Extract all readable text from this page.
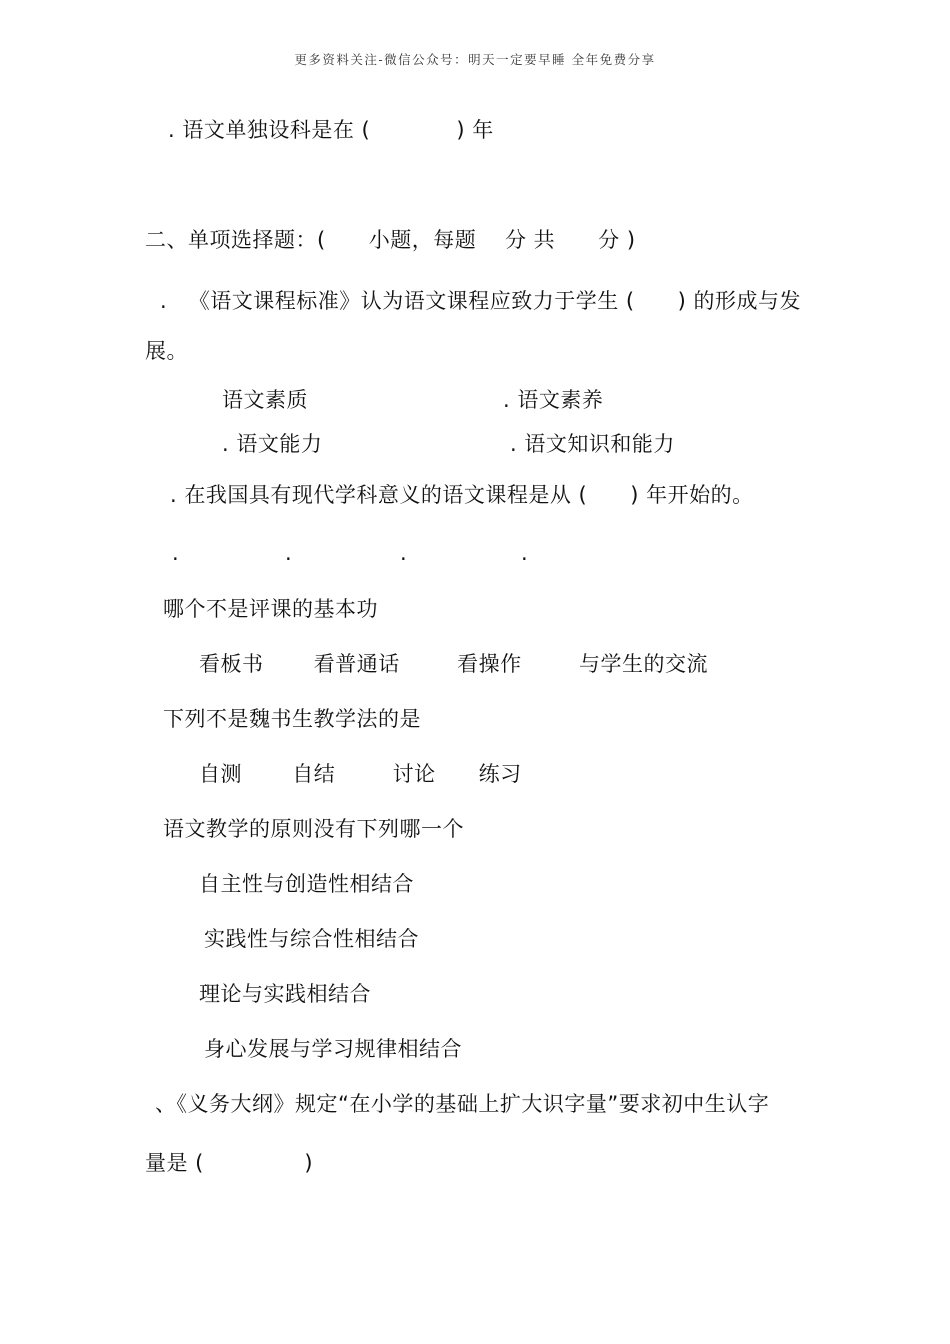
更多资料关注-微信公众号：明天一定要早睡 全年免费分享
. 语文单独设科是在 (            ) 年
二、单项选择题：(      小题，每题    分 共      分 )
.   《语文课程标准》认为语文课程应致力于学生 (      ) 的形成与发
展。
语文素质	. 语文素养
. 语文能力	. 语文知识和能力
. 在我国具有现代学科意义的语文课程是从 (      ) 年开始的。
.	.	.	.
哪个不是评课的基本功
看板书       看普通话        看操作        与学生的交流
下列不是魏书生教学法的是
自测       自结        讨论      练习
语文教学的原则没有下列哪一个
自主性与创造性相结合
实践性与综合性相结合
理论与实践相结合
身心发展与学习规律相结合
、《义务大纲》规定“在小学的基础上扩大识字量”要求初中生认字
量是 (              )
